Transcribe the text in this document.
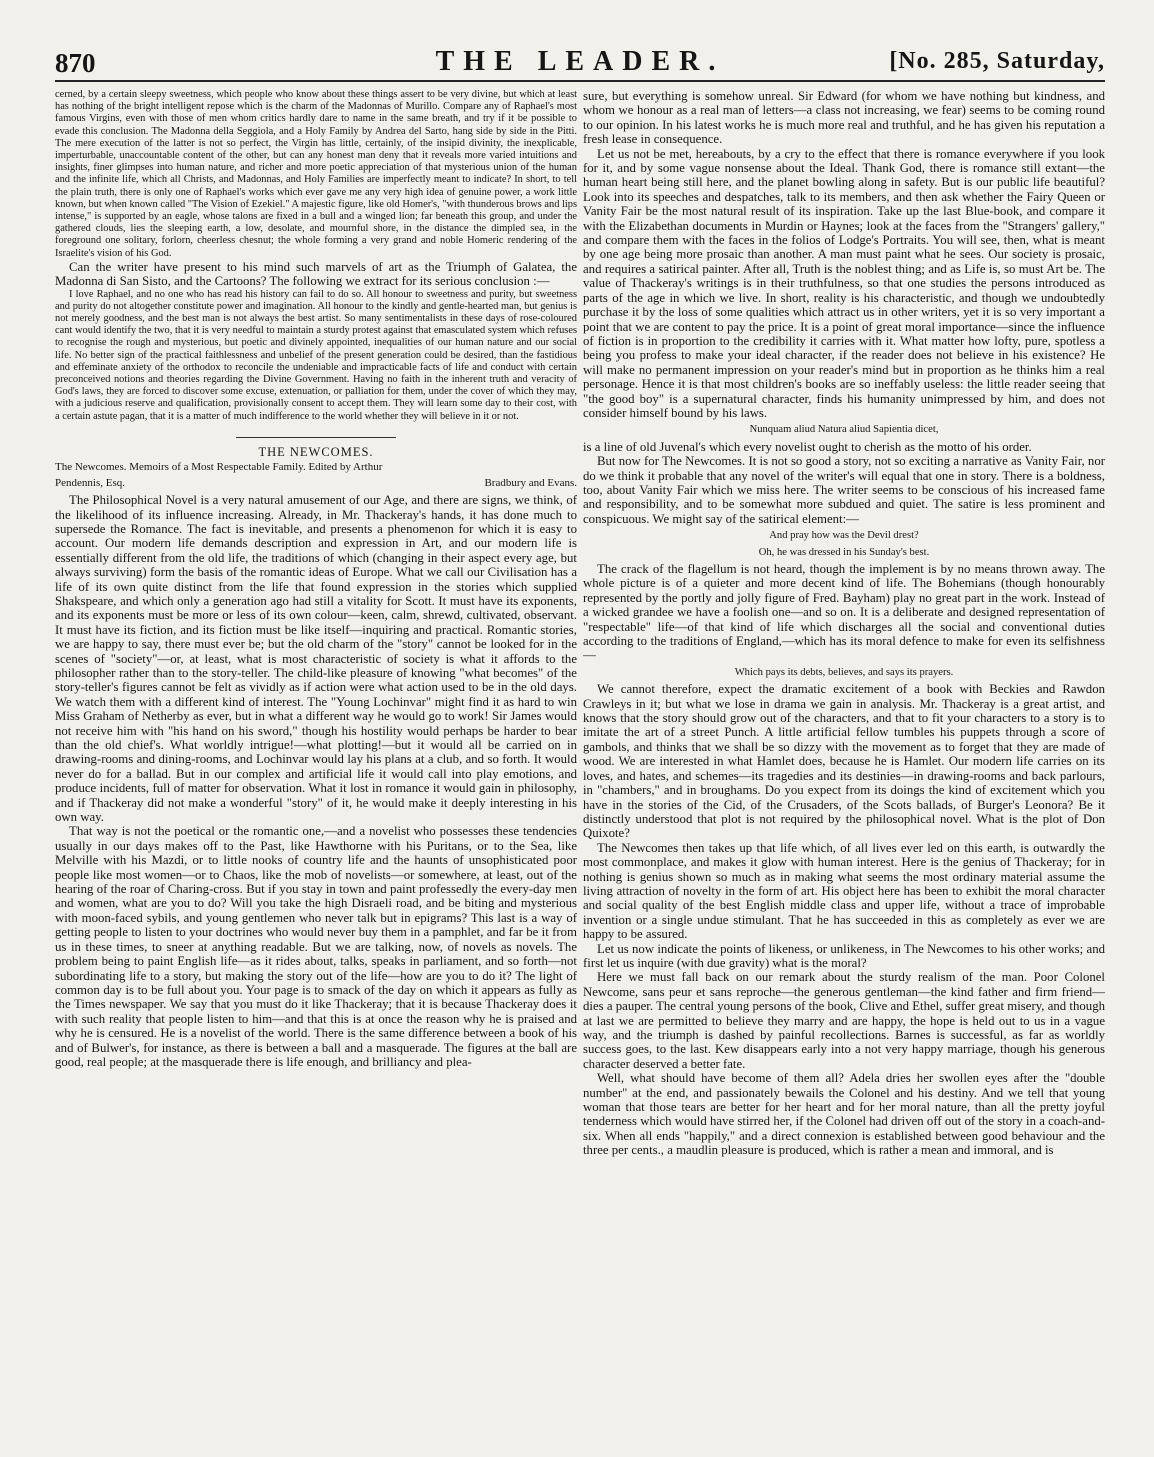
870	THE LEADER.	[No. 285, Saturday,

cerned, by a certain sleepy sweetness, which people who know about these things assert to be very divine, but which at least has nothing of the bright intelligent repose which is the charm of the Madonnas of Murillo. Compare any of Raphael's most famous Virgins, even with those of men whom critics hardly dare to name in the same breath, and try if it be possible to evade this conclusion. The Madonna della Seggiola, and a Holy Family by Andrea del Sarto, hang side by side in the Pitti. The mere execution of the latter is not so perfect, the Virgin has little, certainly, of the insipid divinity, the inexplicable, imperturbable, unaccountable content of the other, but can any honest man deny that it reveals more varied intuitions and insights, finer glimpses into human nature, and richer and more poetic appreciation of that mysterious union of the human and the infinite life, which all Christs, and Madonnas, and Holy Families are imperfectly meant to indicate? In short, to tell the plain truth, there is only one of Raphael's works which ever gave me any very high idea of genuine power, a work little known, but when known called "The Vision of Ezekiel." A majestic figure, like old Homer's, "with thunderous brows and lips intense," is supported by an eagle, whose talons are fixed in a bull and a winged lion; far beneath this group, and under the gathered clouds, lies the sleeping earth, a low, desolate, and mournful shore, in the distance the dimpled sea, in the foreground one solitary, forlorn, cheerless chesnut; the whole forming a very grand and noble Homeric rendering of the Israelite's vision of his God.

Can the writer have present to his mind such marvels of art as the Triumph of Galatea, the Madonna di San Sisto, and the Cartoons? The following we extract for its serious conclusion :—

I love Raphael, and no one who has read his history can fail to do so. All honour to sweetness and purity, but sweetness and purity do not altogether constitute power and imagination. All honour to the kindly and gentle-hearted man, but genius is not merely goodness, and the best man is not always the best artist. So many sentimentalists in these days of rose-coloured cant would identify the two, that it is very needful to maintain a sturdy protest against that emasculated system which refuses to recognise the rough and mysterious, but poetic and divinely appointed, inequalities of our human nature and our social life. No better sign of the practical faithlessness and unbelief of the present generation could be desired, than the fastidious and effeminate anxiety of the orthodox to reconcile the undeniable and impracticable facts of life and conduct with certain preconceived notions and theories regarding the Divine Government. Having no faith in the inherent truth and veracity of God's laws, they are forced to discover some excuse, extenuation, or palliation for them, under the cover of which they may, with a judicious reserve and qualification, provisionally consent to accept them. They will learn some day to their cost, with a certain astute pagan, that it is a matter of much indifference to the world whether they will believe in it or not.

THE NEWCOMES.

The Newcomes. Memoirs of a Most Respectable Family. Edited by Arthur

Pendennis, Esq.	Bradbury and Evans.

The Philosophical Novel is a very natural amusement of our Age, and there are signs, we think, of the likelihood of its influence increasing. Already, in Mr. Thackeray's hands, it has done much to supersede the Romance. The fact is inevitable, and presents a phenomenon for which it is easy to account. Our modern life demands description and expression in Art, and our modern life is essentially different from the old life, the traditions of which (changing in their aspect every age, but always surviving) form the basis of the romantic ideas of Europe. What we call our Civilisation has a life of its own quite distinct from the life that found expression in the stories which supplied Shakspeare, and which only a generation ago had still a vitality for Scott. It must have its exponents, and its exponents must be more or less of its own colour—keen, calm, shrewd, cultivated, observant. It must have its fiction, and its fiction must be like itself—inquiring and practical. Romantic stories, we are happy to say, there must ever be; but the old charm of the "story" cannot be looked for in the scenes of "society"—or, at least, what is most characteristic of society is what it affords to the philosopher rather than to the story-teller. The child-like pleasure of knowing "what becomes" of the story-teller's figures cannot be felt as vividly as if action were what action used to be in the old days. We watch them with a different kind of interest. The "Young Lochinvar" might find it as hard to win Miss Graham of Netherby as ever, but in what a different way he would go to work! Sir James would not receive him with "his hand on his sword," though his hostility would perhaps be harder to bear than the old chief's. What worldly intrigue!—what plotting!—but it would all be carried on in drawing-rooms and dining-rooms, and Lochinvar would lay his plans at a club, and so forth. It would never do for a ballad. But in our complex and artificial life it would call into play emotions, and produce incidents, full of matter for observation. What it lost in romance it would gain in philosophy, and if Thackeray did not make a wonderful "story" of it, he would make it deeply interesting in his own way.

That way is not the poetical or the romantic one,—and a novelist who possesses these tendencies usually in our days makes off to the Past, like Hawthorne with his Puritans, or to the Sea, like Melville with his Mazdi, or to little nooks of country life and the haunts of unsophisticated poor people like most women—or to Chaos, like the mob of novelists—or somewhere, at least, out of the hearing of the roar of Charing-cross. But if you stay in town and paint professedly the every-day men and women, what are you to do? Will you take the high Disraeli road, and be biting and mysterious with moon-faced sybils, and young gentlemen who never talk but in epigrams? This last is a way of getting people to listen to your doctrines who would never buy them in a pamphlet, and far be it from us in these times, to sneer at anything readable. But we are talking, now, of novels as novels. The problem being to paint English life—as it rides about, talks, speaks in parliament, and so forth—not subordinating life to a story, but making the story out of the life—how are you to do it? The light of common day is to be full about you. Your page is to smack of the day on which it appears as fully as the Times newspaper. We say that you must do it like Thackeray; that it is because Thackeray does it with such reality that people listen to him—and that this is at once the reason why he is praised and why he is censured. He is a novelist of the world. There is the same difference between a book of his and of Bulwer's, for instance, as there is between a ball and a masquerade. The figures at the ball are good, real people; at the masquerade there is life enough, and brilliancy and plea-

sure, but everything is somehow unreal. Sir Edward (for whom we have nothing but kindness, and whom we honour as a real man of letters—a class not increasing, we fear) seems to be coming round to our opinion. In his latest works he is much more real and truthful, and he has given his reputation a fresh lease in consequence.

Let us not be met, hereabouts, by a cry to the effect that there is romance everywhere if you look for it, and by some vague nonsense about the Ideal. Thank God, there is romance still extant—the human heart being still here, and the planet bowling along in safety. But is our public life beautiful? Look into its speeches and despatches, talk to its members, and then ask whether the Fairy Queen or Vanity Fair be the most natural result of its inspiration. Take up the last Blue-book, and compare it with the Elizabethan documents in Murdin or Haynes; look at the faces from the "Strangers' gallery," and compare them with the faces in the folios of Lodge's Portraits. You will see, then, what is meant by one age being more prosaic than another. A man must paint what he sees. Our society is prosaic, and requires a satirical painter. After all, Truth is the noblest thing; and as Life is, so must Art be. The value of Thackeray's writings is in their truthfulness, so that one studies the persons introduced as parts of the age in which we live. In short, reality is his characteristic, and though we undoubtedly purchase it by the loss of some qualities which attract us in other writers, yet it is so very important a point that we are content to pay the price. It is a point of great moral importance—since the influence of fiction is in proportion to the credibility it carries with it. What matter how lofty, pure, spotless a being you profess to make your ideal character, if the reader does not believe in his existence? He will make no permanent impression on your reader's mind but in proportion as he thinks him a real personage. Hence it is that most children's books are so ineffably useless: the little reader seeing that "the good boy" is a supernatural character, finds his humanity unimpressed by him, and does not consider himself bound by his laws.

Nunquam aliud Natura aliud Sapientia dicet,

is a line of old Juvenal's which every novelist ought to cherish as the motto of his order.

But now for The Newcomes. It is not so good a story, not so exciting a narrative as Vanity Fair, nor do we think it probable that any novel of the writer's will equal that one in story. There is a boldness, too, about Vanity Fair which we miss here. The writer seems to be conscious of his increased fame and responsibility, and to be somewhat more subdued and quiet. The satire is less prominent and conspicuous. We might say of the satirical element:—

And pray how was the Devil drest?

Oh, he was dressed in his Sunday's best.

The crack of the flagellum is not heard, though the implement is by no means thrown away. The whole picture is of a quieter and more decent kind of life. The Bohemians (though honourably represented by the portly and jolly figure of Fred. Bayham) play no great part in the work. Instead of a wicked grandee we have a foolish one—and so on. It is a deliberate and designed representation of "respectable" life—of that kind of life which discharges all the social and conventional duties according to the traditions of England,—which has its moral defence to make for even its selfishness—

Which pays its debts, believes, and says its prayers.

We cannot therefore, expect the dramatic excitement of a book with Beckies and Rawdon Crawleys in it; but what we lose in drama we gain in analysis. Mr. Thackeray is a great artist, and knows that the story should grow out of the characters, and that to fit your characters to a story is to imitate the art of a street Punch. A little artificial fellow tumbles his puppets through a score of gambols, and thinks that we shall be so dizzy with the movement as to forget that they are made of wood. We are interested in what Hamlet does, because he is Hamlet. Our modern life carries on its loves, and hates, and schemes—its tragedies and its destinies—in drawing-rooms and back parlours, in "chambers," and in broughams. Do you expect from its doings the kind of excitement which you have in the stories of the Cid, of the Crusaders, of the Scots ballads, of Burger's Leonora? Be it distinctly understood that plot is not required by the philosophical novel. What is the plot of Don Quixote?

The Newcomes then takes up that life which, of all lives ever led on this earth, is outwardly the most commonplace, and makes it glow with human interest. Here is the genius of Thackeray; for in nothing is genius shown so much as in making what seems the most ordinary material assume the living attraction of novelty in the form of art. His object here has been to exhibit the moral character and social quality of the best English middle class and upper life, without a trace of improbable invention or a single undue stimulant. That he has succeeded in this as completely as ever we are happy to be assured.

Let us now indicate the points of likeness, or unlikeness, in The Newcomes to his other works; and first let us inquire (with due gravity) what is the moral?

Here we must fall back on our remark about the sturdy realism of the man. Poor Colonel Newcome, sans peur et sans reproche—the generous gentleman—the kind father and firm friend—dies a pauper. The central young persons of the book, Clive and Ethel, suffer great misery, and though at last we are permitted to believe they marry and are happy, the hope is held out to us in a vague way, and the triumph is dashed by painful recollections. Barnes is successful, as far as worldly success goes, to the last. Kew disappears early into a not very happy marriage, though his generous character deserved a better fate.

Well, what should have become of them all? Adela dries her swollen eyes after the "double number" at the end, and passionately bewails the Colonel and his destiny. And we tell that young woman that those tears are better for her heart and for her moral nature, than all the pretty joyful tenderness which would have stirred her, if the Colonel had driven off out of the story in a coach-and-six. When all ends "happily," and a direct connexion is established between good behaviour and the three per cents., a maudlin pleasure is produced, which is rather a mean and immoral, and is
